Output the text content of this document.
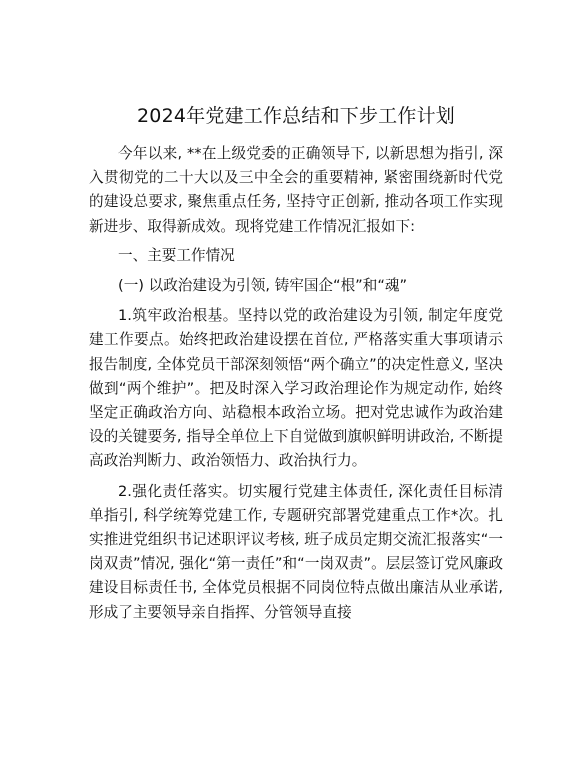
2024年党建工作总结和下步工作计划

今年以来, **在上级党委的正确领导下, 以新思想为指引, 深入贯彻党的二十大以及三中全会的重要精神, 紧密围绕新时代党的建设总要求, 聚焦重点任务, 坚持守正创新, 推动各项工作实现新进步、取得新成效。现将党建工作情况汇报如下:

一、主要工作情况

(一) 以政治建设为引领, 铸牢国企“根”和“魂”

1.筑牢政治根基。坚持以党的政治建设为引领, 制定年度党建工作要点。始终把政治建设摆在首位, 严格落实重大事项请示报告制度, 全体党员干部深刻领悟“两个确立”的决定性意义, 坚决做到“两个维护”。把及时深入学习政治理论作为规定动作, 始终坚定正确政治方向、站稳根本政治立场。把对党忠诚作为政治建设的关键要务, 指导全单位上下自觉做到旗帜鲜明讲政治, 不断提高政治判断力、政治领悟力、政治执行力。

2.强化责任落实。切实履行党建主体责任, 深化责任目标清单指引, 科学统筹党建工作, 专题研究部署党建重点工作*次。扎实推进党组织书记述职评议考核, 班子成员定期交流汇报落实“一岗双责”情况, 强化“第一责任”和“一岗双责”。层层签订党风廉政建设目标责任书, 全体党员根据不同岗位特点做出廉洁从业承诺, 形成了主要领导亲自指挥、分管领导直接
